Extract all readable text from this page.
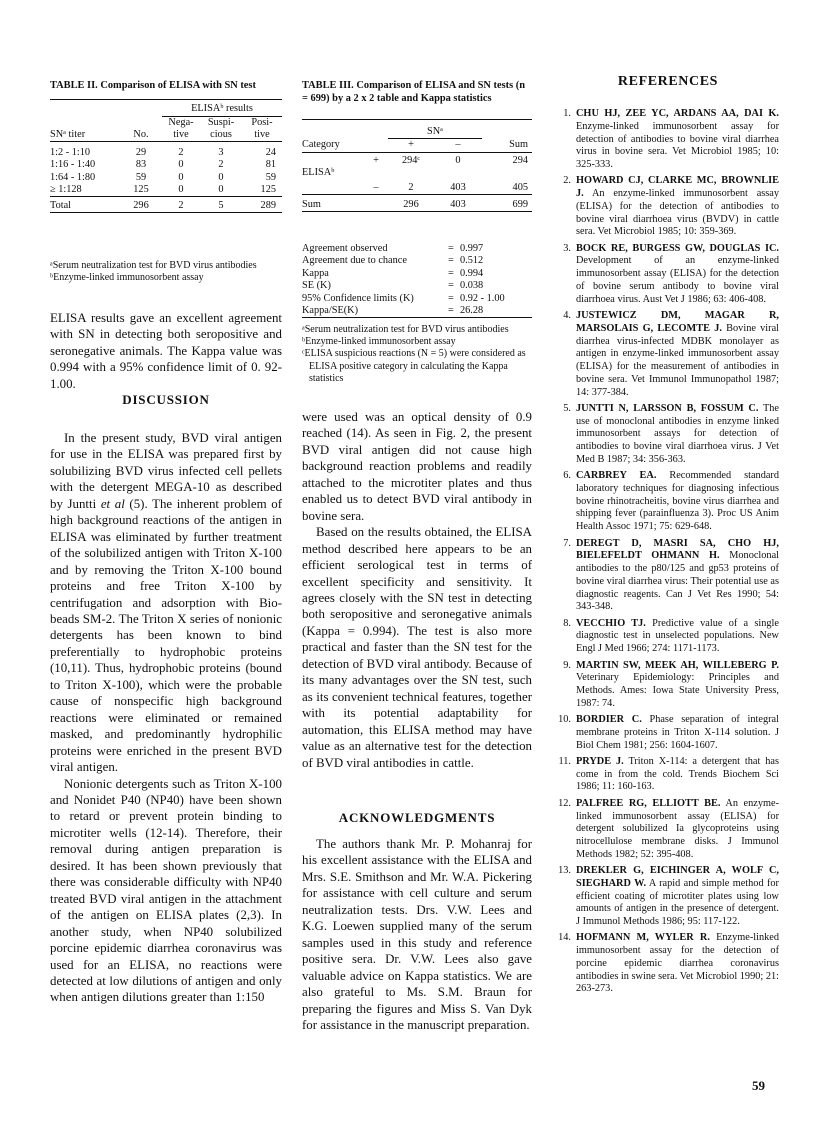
TABLE II. Comparison of ELISA with SN test
		ELISAᵇ results		
		Nega-	Suspi-	Posi-
SNᵃ titer	No.	tive	cious	tive

1:2 - 1:10	29	2	3	24
1:16 - 1:40	83	0	2	81
1:64 - 1:80	59	0	0	59
≥ 1:128	125	0	0	125

Total	296	2	5	289

ᵃSerum neutralization test for BVD virus antibodies

ᵇEnzyme-linked immunosorbent assay

ELISA results gave an excellent agreement with SN in detecting both seropositive and seronegative animals. The Kappa value was 0.994 with a 95% confidence limit of 0. 92-1.00.

DISCUSSION

In the present study, BVD viral antigen for use in the ELISA was prepared first by solubilizing BVD virus infected cell pellets with the detergent MEGA-10 as described by Juntti et al (5). The inherent problem of high background reactions of the antigen in ELISA was eliminated by further treatment of the solubilized antigen with Triton X-100 and by removing the Triton X-100 bound proteins and free Triton X-100 by centrifugation and adsorption with Bio-beads SM-2. The Triton X series of nonionic detergents has been known to bind preferentially to hydrophobic proteins (10,11). Thus, hydrophobic proteins (bound to Triton X-100), which were the probable cause of nonspecific high background reactions were eliminated or remained masked, and predominantly hydrophilic proteins were enriched in the present BVD viral antigen.

Nonionic detergents such as Triton X-100 and Nonidet P40 (NP40) have been shown to retard or prevent protein binding to microtiter wells (12-14). Therefore, their removal during antigen preparation is desired. It has been shown previously that there was considerable difficulty with NP40 treated BVD viral antigen in the attachment of the antigen on ELISA plates (2,3). In another study, when NP40 solubilized porcine epidemic diarrhea coronavirus was used for an ELISA, no reactions were detected at low dilutions of antigen and only when antigen dilutions greater than 1:150

TABLE III. Comparison of ELISA and SN tests (n = 699) by a 2 x 2 table and Kappa statistics
		SNᵃ		
Category		+	–	Sum
	+	294ᶜ	0	294
ELISAᵇ				
	–	2	403	405
Sum		296	403	699
Agreement observed	=	0.997
Agreement due to chance	=	0.512
Kappa	=	0.994
SE (K)	=	0.038
95% Confidence limits (K)	=	0.92 - 1.00
Kappa/SE(K)	=	26.28

ᵃSerum neutralization test for BVD virus antibodies

ᵇEnzyme-linked immunosorbent assay

ᶜELISA suspicious reactions (N = 5) were considered as ELISA positive category in calculating the Kappa statistics

were used was an optical density of 0.9 reached (14). As seen in Fig. 2, the present BVD viral antigen did not cause high background reaction problems and readily attached to the microtiter plates and thus enabled us to detect BVD viral antibody in bovine sera.

Based on the results obtained, the ELISA method described here appears to be an efficient serological test in terms of excellent specificity and sensitivity. It agrees closely with the SN test in detecting both seropositive and seronegative animals (Kappa = 0.994). The test is also more practical and faster than the SN test for the detection of BVD viral antibody. Because of its many advantages over the SN test, such as its convenient technical features, together with its potential adaptability for automation, this ELISA method may have value as an alternative test for the detection of BVD viral antibodies in cattle.

ACKNOWLEDGMENTS

The authors thank Mr. P. Mohanraj for his excellent assistance with the ELISA and Mrs. S.E. Smithson and Mr. W.A. Pickering for assistance with cell culture and serum neutralization tests. Drs. V.W. Lees and K.G. Loewen supplied many of the serum samples used in this study and reference positive sera. Dr. V.W. Lees also gave valuable advice on Kappa statistics. We are also grateful to Ms. S.M. Braun for preparing the figures and Miss S. Van Dyk for assistance in the manuscript preparation.

REFERENCES
1. CHU HJ, ZEE YC, ARDANS AA, DAI K. Enzyme-linked immunosorbent assay for detection of antibodies to bovine viral diarrhea virus in bovine sera. Vet Microbiol 1985; 10: 325-333.
2. HOWARD CJ, CLARKE MC, BROWNLIE J. An enzyme-linked immunosorbent assay (ELISA) for the detection of antibodies to bovine viral diarrhoea virus (BVDV) in cattle sera. Vet Microbiol 1985; 10: 359-369.
3. BOCK RE, BURGESS GW, DOUGLAS IC. Development of an enzyme-linked immunosorbent assay (ELISA) for the detection of bovine serum antibody to bovine viral diarrhoea virus. Aust Vet J 1986; 63: 406-408.
4. JUSTEWICZ DM, MAGAR R, MARSOLAIS G, LECOMTE J. Bovine viral diarrhea virus-infected MDBK monolayer as antigen in enzyme-linked immunosorbent assay (ELISA) for the measurement of antibodies in bovine sera. Vet Immunol Immunopathol 1987; 14: 377-384.
5. JUNTTI N, LARSSON B, FOSSUM C. The use of monoclonal antibodies in enzyme linked immunosorbent assays for detection of antibodies to bovine viral diarrhoea virus. J Vet Med B 1987; 34: 356-363.
6. CARBREY EA. Recommended standard laboratory techniques for diagnosing infectious bovine rhinotracheitis, bovine virus diarrhea and shipping fever (parainfluenza 3). Proc US Anim Health Assoc 1971; 75: 629-648.
7. DEREGT D, MASRI SA, CHO HJ, BIELEFELDT OHMANN H. Monoclonal antibodies to the p80/125 and gp53 proteins of bovine viral diarrhea virus: Their potential use as diagnostic reagents. Can J Vet Res 1990; 54: 343-348.
8. VECCHIO TJ. Predictive value of a single diagnostic test in unselected populations. New Engl J Med 1966; 274: 1171-1173.
9. MARTIN SW, MEEK AH, WILLEBERG P. Veterinary Epidemiology: Principles and Methods. Ames: Iowa State University Press, 1987: 74.
10. BORDIER C. Phase separation of integral membrane proteins in Triton X-114 solution. J Biol Chem 1981; 256: 1604-1607.
11. PRYDE J. Triton X-114: a detergent that has come in from the cold. Trends Biochem Sci 1986; 11: 160-163.
12. PALFREE RG, ELLIOTT BE. An enzyme-linked immunosorbent assay (ELISA) for detergent solubilized Ia glycoproteins using nitrocellulose membrane disks. J Immunol Methods 1982; 52: 395-408.
13. DREKLER G, EICHINGER A, WOLF C, SIEGHARD W. A rapid and simple method for efficient coating of microtiter plates using low amounts of antigen in the presence of detergent. J Immunol Methods 1986; 95: 117-122.
14. HOFMANN M, WYLER R. Enzyme-linked immunosorbent assay for the detection of porcine epidemic diarrhea coronavirus antibodies in swine sera. Vet Microbiol 1990; 21: 263-273.
59
